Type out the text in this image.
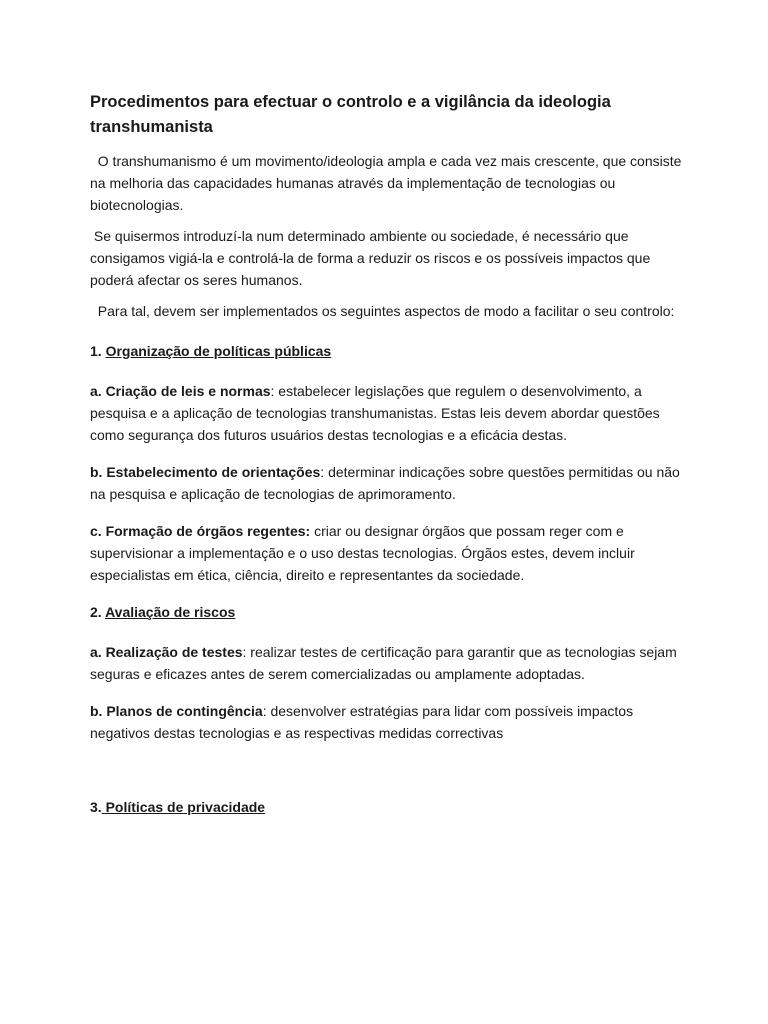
Procedimentos para efectuar o controlo e a vigilância da ideologia transhumanista

O transhumanismo é um movimento/ideologia ampla e cada vez mais crescente, que consiste na melhoria das capacidades humanas através da implementação de tecnologias ou biotecnologias.

Se quisermos introduzí-la num determinado ambiente ou sociedade, é necessário que consigamos vigiá-la e controlá-la de forma a reduzir os riscos e os possíveis impactos que poderá afectar os seres humanos.

Para tal, devem ser implementados os seguintes aspectos de modo a facilitar o seu controlo:

1. Organização de políticas públicas

a. Criação de leis e normas: estabelecer legislações que regulem o desenvolvimento, a pesquisa e a aplicação de tecnologias transhumanistas. Estas leis devem abordar questões como segurança dos futuros usuários destas tecnologias e a eficácia destas.

b. Estabelecimento de orientações: determinar indicações sobre questões permitidas ou não na pesquisa e aplicação de tecnologias de aprimoramento.

c. Formação de órgãos regentes: criar ou designar órgãos que possam reger com e supervisionar a implementação e o uso destas tecnologias. Órgãos estes, devem incluir especialistas em ética, ciência, direito e representantes da sociedade.

2. Avaliação de riscos

a. Realização de testes: realizar testes de certificação para garantir que as tecnologias sejam seguras e eficazes antes de serem comercializadas ou amplamente adoptadas.

b. Planos de contingência: desenvolver estratégias para lidar com possíveis impactos negativos destas tecnologias e as respectivas medidas correctivas

3. Políticas de privacidade
